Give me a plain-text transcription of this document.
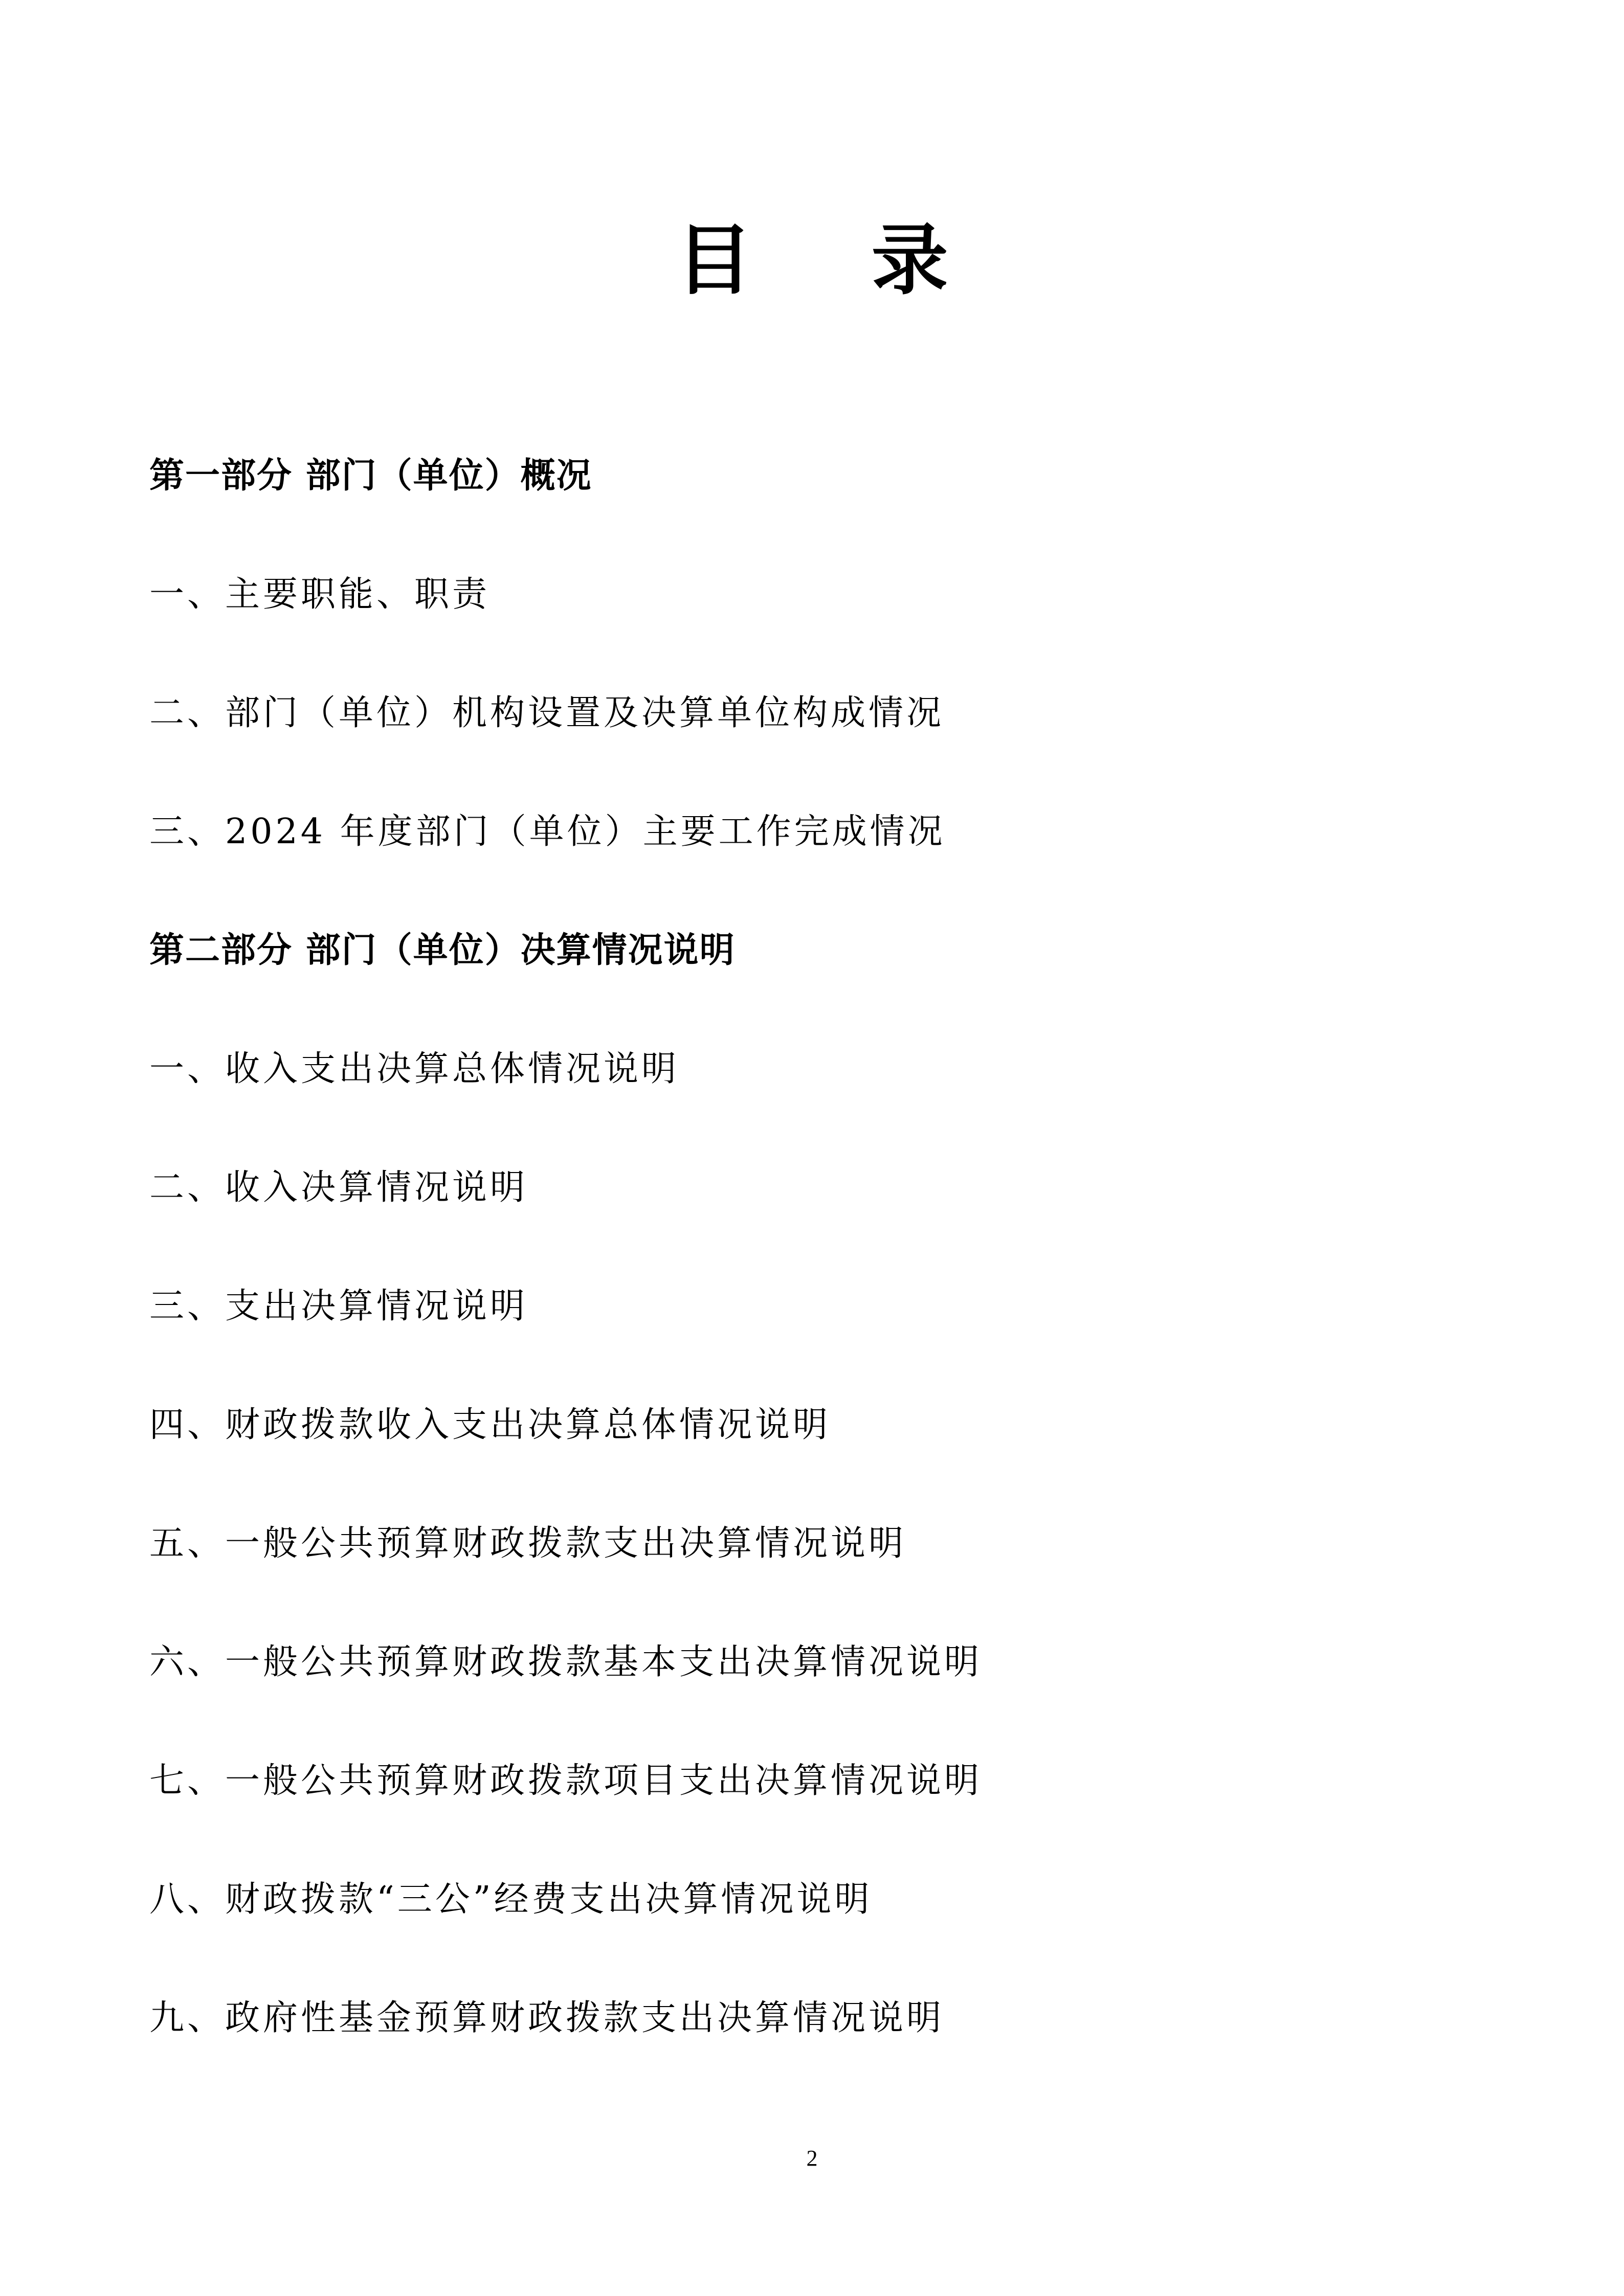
目 录
第一部分 部门（单位）概况
一、主要职能、职责
二、部门（单位）机构设置及决算单位构成情况
三、2024 年度部门（单位）主要工作完成情况
第二部分 部门（单位）决算情况说明
一、收入支出决算总体情况说明
二、收入决算情况说明
三、支出决算情况说明
四、财政拨款收入支出决算总体情况说明
五、一般公共预算财政拨款支出决算情况说明
六、一般公共预算财政拨款基本支出决算情况说明
七、一般公共预算财政拨款项目支出决算情况说明
八、财政拨款“三公”经费支出决算情况说明
九、政府性基金预算财政拨款支出决算情况说明
2
